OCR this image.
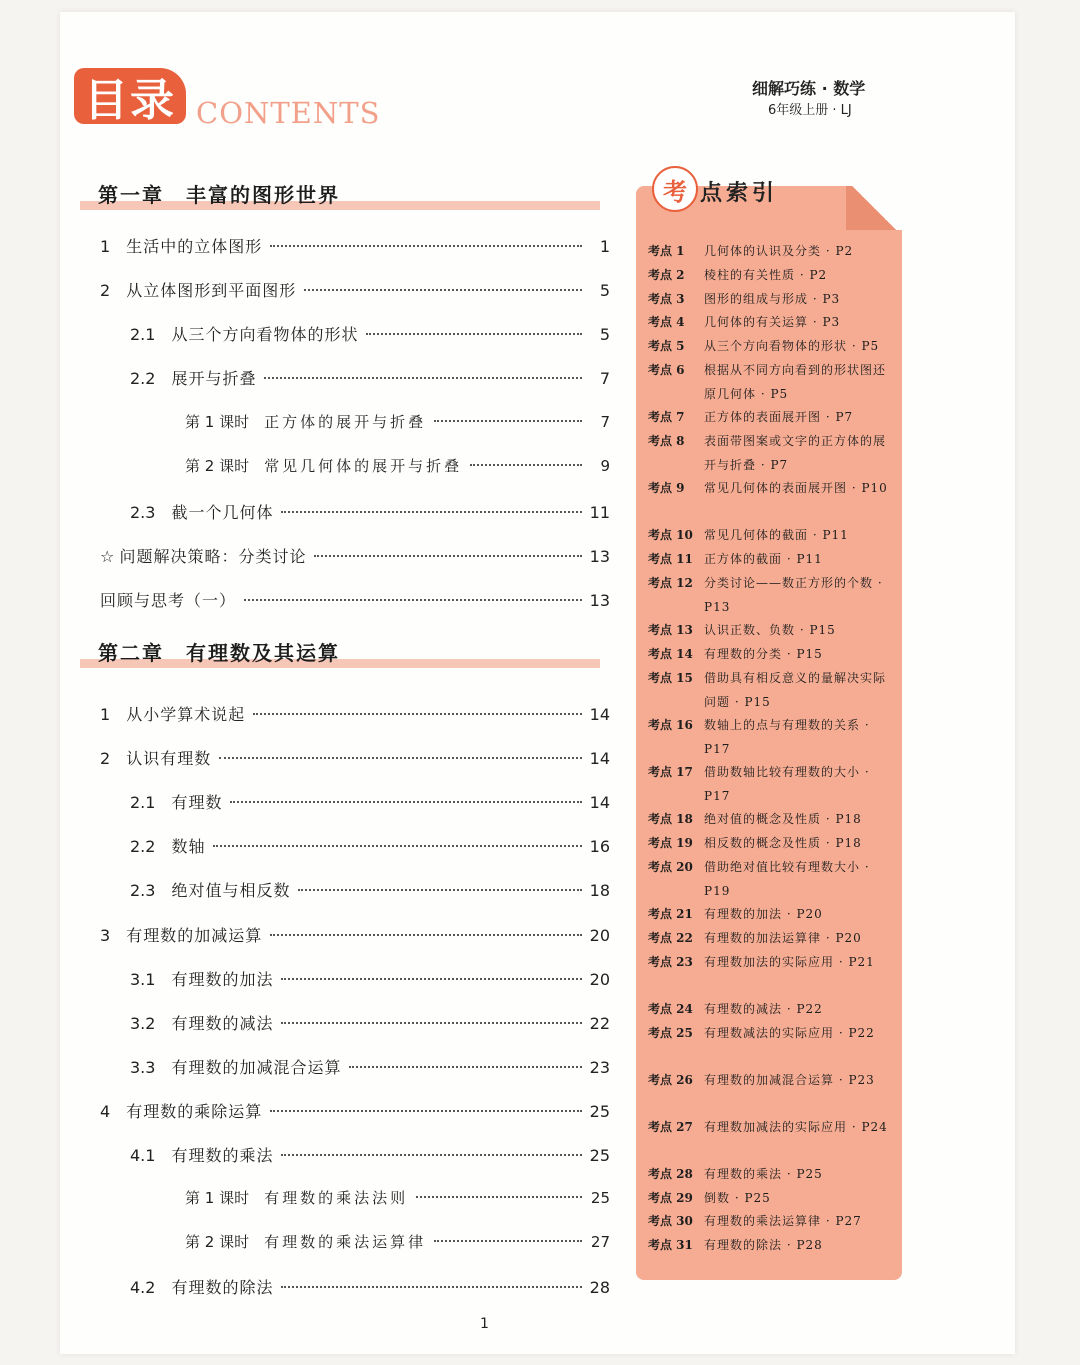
目录 CONTENTS
细解巧练 · 数学
6年级上册 · LJ
第一章　丰富的图形世界
第二章　有理数及其运算
1　 生活中的立体图形	1
2　 从立体图形到平面图形	5
2.1　 从三个方向看物体的形状	5
2.2　 展开与折叠	7
第 1 课时　 正方体的展开与折叠	7
第 2 课时　 常见几何体的展开与折叠	9
2.3　 截一个几何体	11
☆ 问题解决策略：分类讨论	13
回顾与思考（一）	13
1　 从小学算术说起	14
2　 认识有理数	14
2.1　 有理数	14
2.2　 数轴	16
2.3　 绝对值与相反数	18
3　 有理数的加减运算	20
3.1　 有理数的加法	20
3.2　 有理数的减法	22
3.3　 有理数的加减混合运算	23
4　 有理数的乘除运算	25
4.1　 有理数的乘法	25
第 1 课时　 有理数的乘法法则	25
第 2 课时　 有理数的乘法运算律	27
4.2　 有理数的除法	28
考 点索引
考点 1 几何体的认识及分类 · P2
考点 2 棱柱的有关性质 · P2
考点 3 图形的组成与形成 · P3
考点 4 几何体的有关运算 · P3
考点 5 从三个方向看物体的形状 · P5
考点 6 根据从不同方向看到的形状图还原几何体 · P5
考点 7 正方体的表面展开图 · P7
考点 8 表面带图案或文字的正方体的展开与折叠 · P7
考点 9 常见几何体的表面展开图 · P10
考点 10 常见几何体的截面 · P11
考点 11 正方体的截面 · P11
考点 12 分类讨论——数正方形的个数 · P13
考点 13 认识正数、负数 · P15
考点 14 有理数的分类 · P15
考点 15 借助具有相反意义的量解决实际问题 · P15
考点 16 数轴上的点与有理数的关系 · P17
考点 17 借助数轴比较有理数的大小 · P17
考点 18 绝对值的概念及性质 · P18
考点 19 相反数的概念及性质 · P18
考点 20 借助绝对值比较有理数大小 · P19
考点 21 有理数的加法 · P20
考点 22 有理数的加法运算律 · P20
考点 23 有理数加法的实际应用 · P21
考点 24 有理数的减法 · P22
考点 25 有理数减法的实际应用 · P22
考点 26 有理数的加减混合运算 · P23
考点 27 有理数加减法的实际应用 · P24
考点 28 有理数的乘法 · P25
考点 29 倒数 · P25
考点 30 有理数的乘法运算律 · P27
考点 31 有理数的除法 · P28
1
